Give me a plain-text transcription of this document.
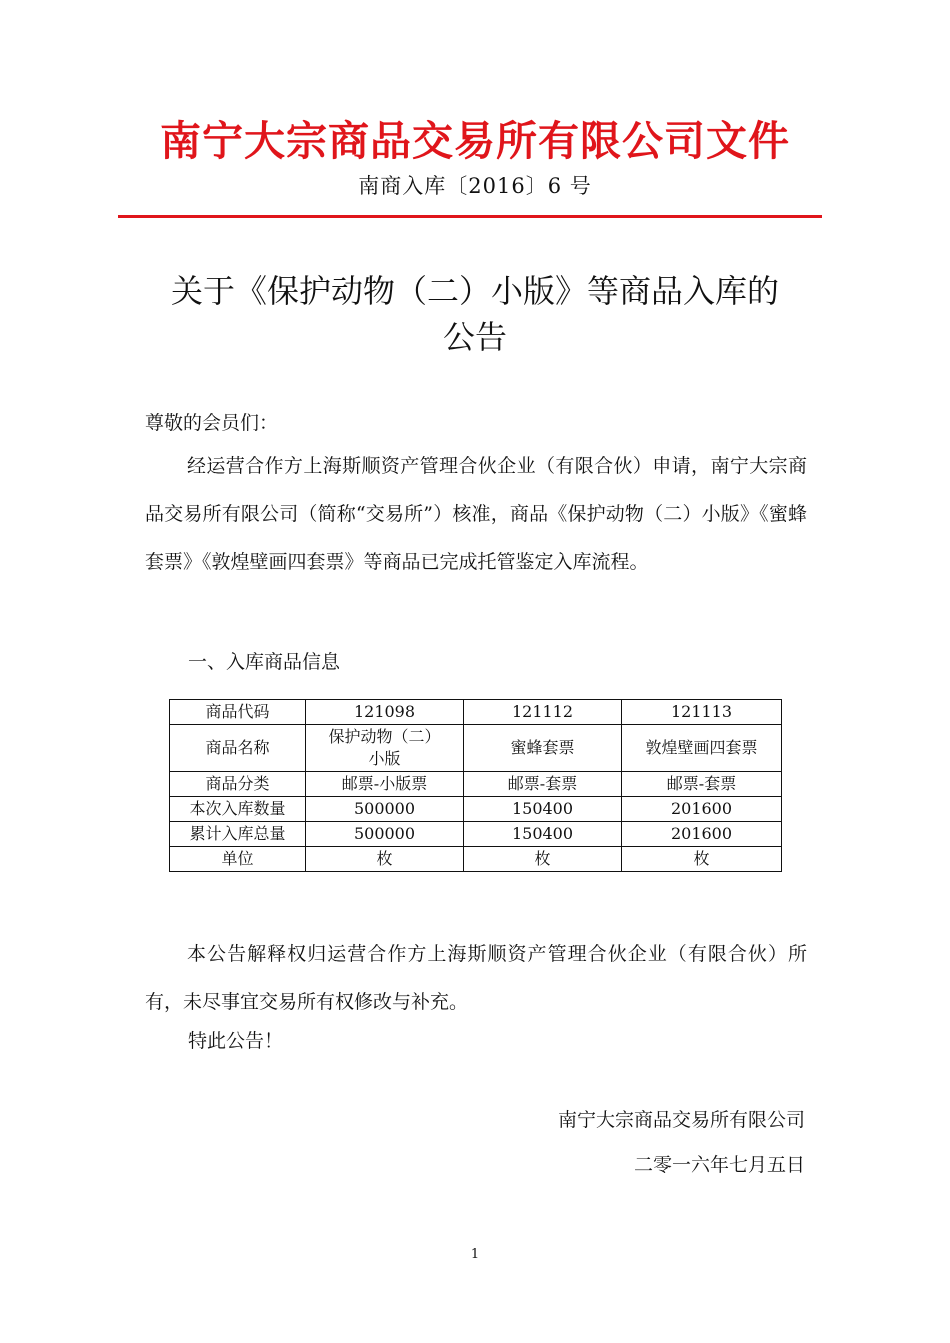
南宁大宗商品交易所有限公司文件
南商入库〔2016〕6 号
关于《保护动物（二）小版》等商品入库的
公告
尊敬的会员们：
经运营合作方上海斯顺资产管理合伙企业（有限合伙）申请，南宁大宗商品交易所有限公司（简称“交易所”）核准，商品《保护动物（二）小版》《蜜蜂套票》《敦煌壁画四套票》等商品已完成托管鉴定入库流程。
一、入库商品信息
商品代码	121098	121112	121113
商品名称	保护动物（二）小版	蜜蜂套票	敦煌壁画四套票
商品分类	邮票-小版票	邮票-套票	邮票-套票
本次入库数量	500000	150400	201600
累计入库总量	500000	150400	201600
单位	枚	枚	枚
本公告解释权归运营合作方上海斯顺资产管理合伙企业（有限合伙）所有，未尽事宜交易所有权修改与补充。
特此公告！
南宁大宗商品交易所有限公司
二零一六年七月五日
1
